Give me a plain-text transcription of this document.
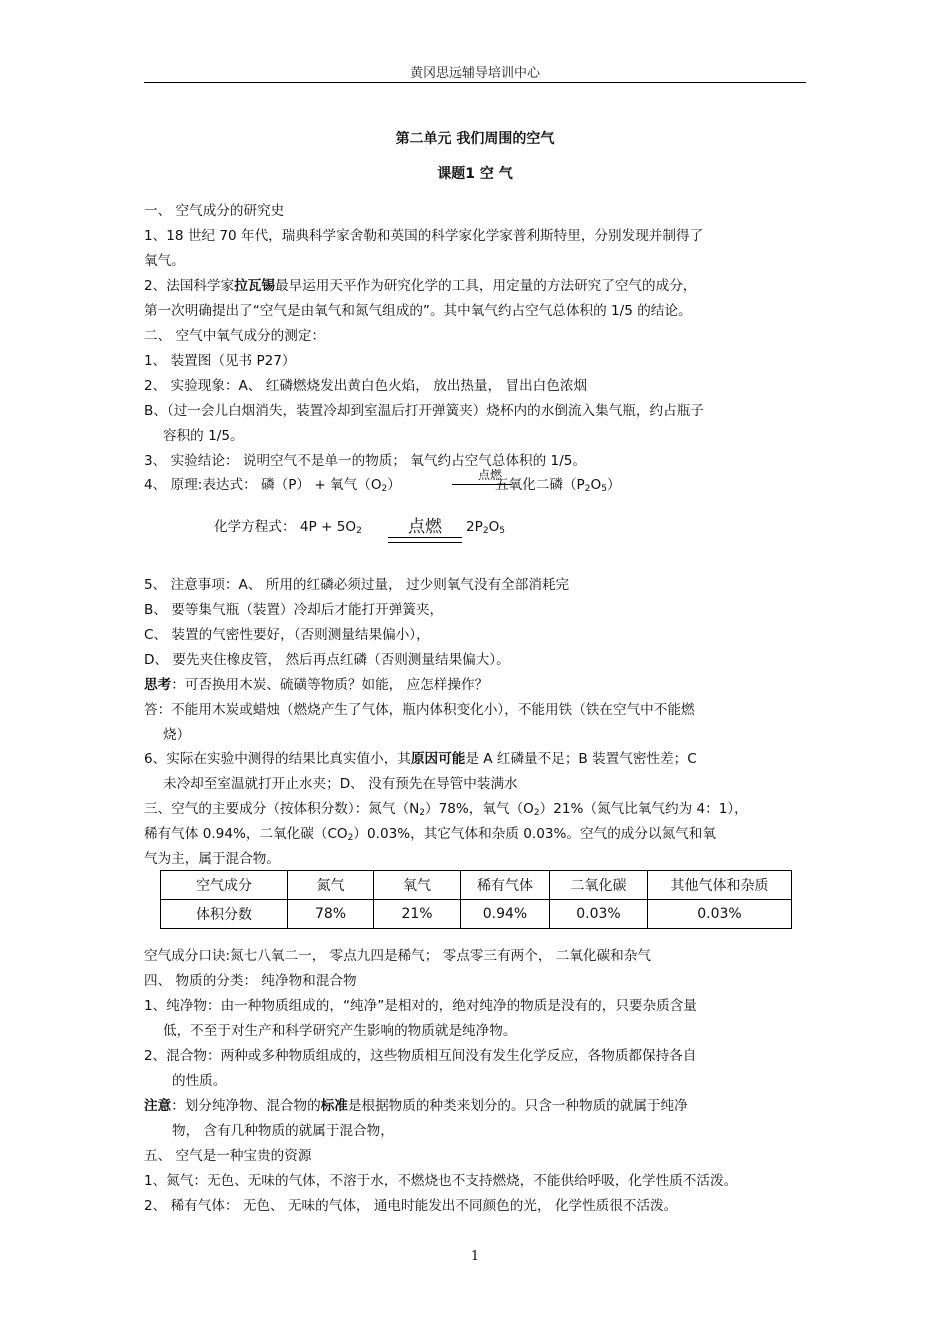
黄冈思远辅导培训中心
第二单元 我们周围的空气
课题1 空 气
一、 空气成分的研究史
1、18 世纪 70 年代，瑞典科学家舍勒和英国的科学家化学家普利斯特里，分别发现并制得了
氧气。
2、法国科学家拉瓦锡最早运用天平作为研究化学的工具，用定量的方法研究了空气的成分，
第一次明确提出了“空气是由氧气和氮气组成的”。其中氧气约占空气总体积的 1/5 的结论。
二、 空气中氧气成分的测定：
1、 装置图（见书 P27）
2、 实验现象：A、 红磷燃烧发出黄白色火焰， 放出热量， 冒出白色浓烟
B、（过一会儿白烟消失，装置冷却到室温后打开弹簧夹）烧杯内的水倒流入集气瓶，约占瓶子
容积的 1/5。
3、 实验结论： 说明空气不是单一的物质； 氧气约占空气总体积的 1/5。
4、 原理:表达式： 磷（P） + 氧气$(O_2)$
点燃
五氧化二磷$(P_2O_5)$
化学方程式： $4P + 5O_2$	点燃 $2P_2O_5$
5、 注意事项：A、 所用的红磷必须过量， 过少则氧气没有全部消耗完
B、 要等集气瓶（装置）冷却后才能打开弹簧夹，
C、 装置的气密性要好，（否则测量结果偏小），
D、 要先夹住橡皮管， 然后再点红磷（否则测量结果偏大）。
思考：可否换用木炭、硫磺等物质？如能， 应怎样操作？
答：不能用木炭或蜡烛（燃烧产生了气体，瓶内体积变化小），不能用铁（铁在空气中不能燃
烧）
6、实际在实验中测得的结果比真实值小，其原因可能是 A 红磷量不足；B 装置气密性差；C
未冷却至室温就打开止水夹；D、 没有预先在导管中装满水
三、空气的主要成分（按体积分数）：氮气$(N_2)78\%$，氧气$(O_2)21\%$（氮气比氧气约为 4：1），
稀有气体 0.94%，二氧化碳$(CO_2)0.03\%$，其它气体和杂质 0.03%。空气的成分以氮气和氧
气为主，属于混合物。
空气成分	氮气	氧气	稀有气体	二氧化碳	其他气体和杂质
体积分数	78%	21%	0.94%	0.03%	0.03%
空气成分口诀:氮七八氧二一， 零点九四是稀气； 零点零三有两个， 二氧化碳和杂气
四、 物质的分类： 纯净物和混合物
1、纯净物：由一种物质组成的，“纯净”是相对的，绝对纯净的物质是没有的，只要杂质含量
低，不至于对生产和科学研究产生影响的物质就是纯净物。
2、混合物：两种或多种物质组成的，这些物质相互间没有发生化学反应，各物质都保持各自
的性质。
注意：划分纯净物、混合物的标准是根据物质的种类来划分的。只含一种物质的就属于纯净
物， 含有几种物质的就属于混合物，
五、 空气是一种宝贵的资源
1、氮气：无色、无味的气体，不溶于水，不燃烧也不支持燃烧，不能供给呼吸，化学性质不活泼。
2、 稀有气体： 无色、 无味的气体， 通电时能发出不同颜色的光， 化学性质很不活泼。
1
